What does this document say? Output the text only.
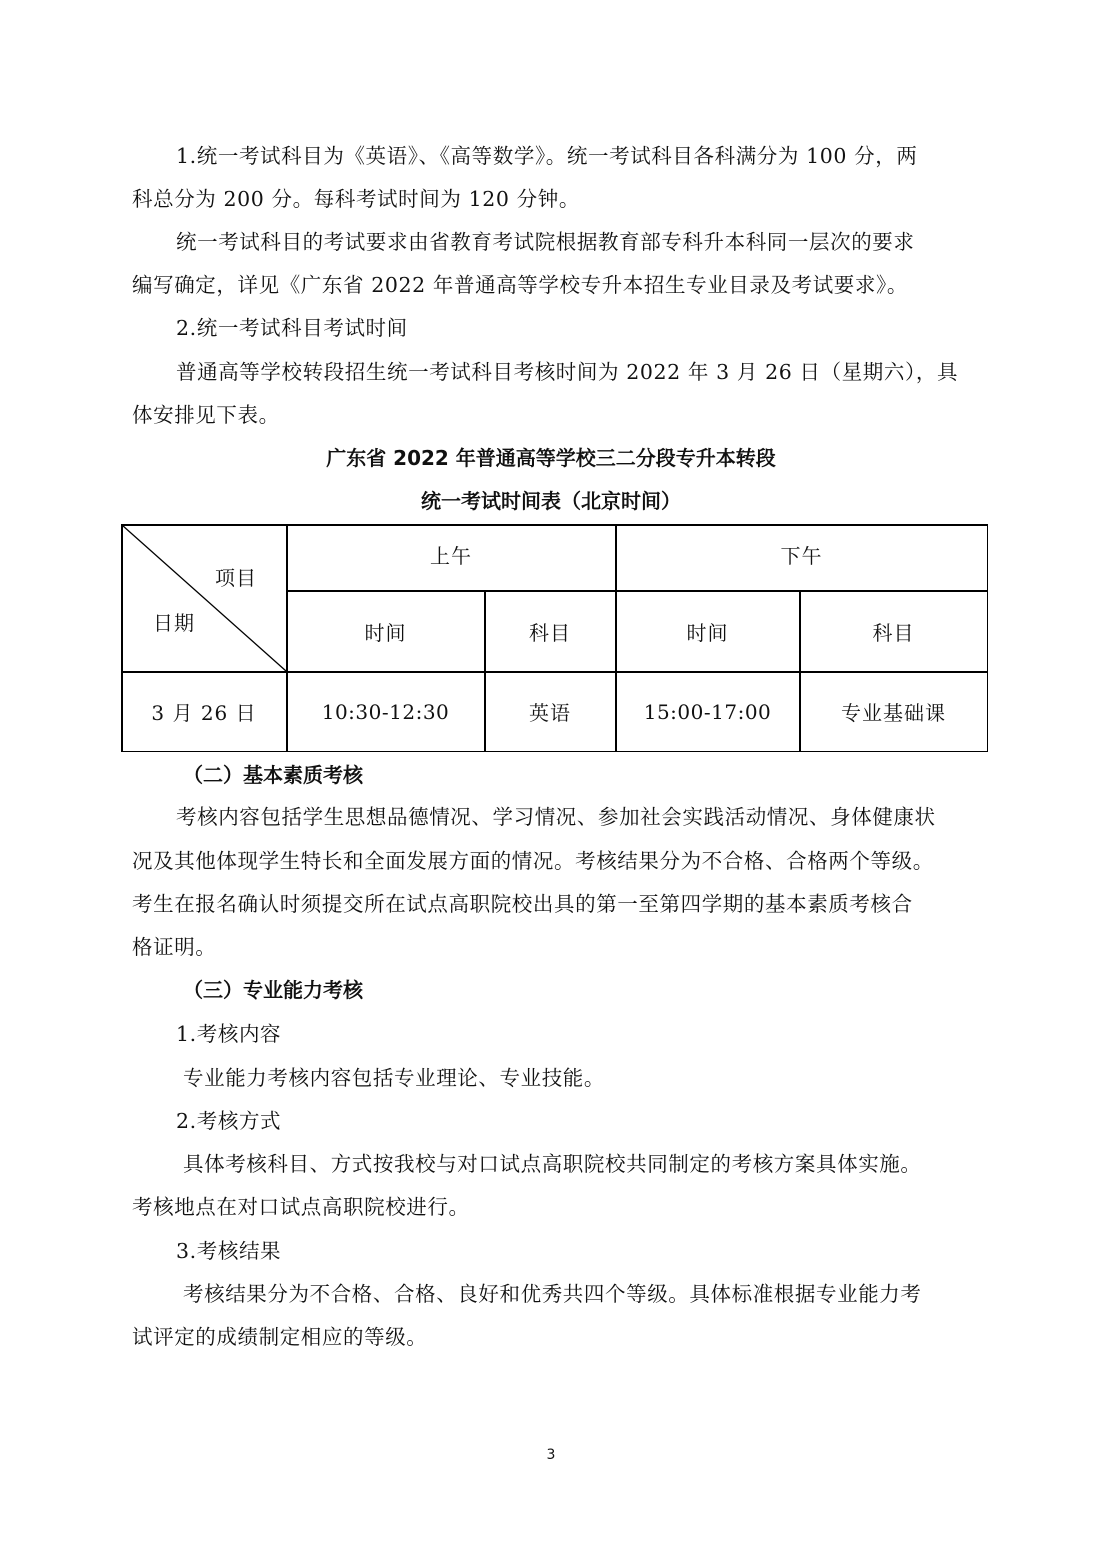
1.统一考试科目为《英语》、《高等数学》。统一考试科目各科满分为 100 分，两
科总分为 200 分。每科考试时间为 120 分钟。
统一考试科目的考试要求由省教育考试院根据教育部专科升本科同一层次的要求
编写确定，详见《广东省 2022 年普通高等学校专升本招生专业目录及考试要求》。
2.统一考试科目考试时间
普通高等学校转段招生统一考试科目考核时间为 2022 年 3 月 26 日（星期六），具
体安排见下表。
广东省 2022 年普通高等学校三二分段专升本转段
统一考试时间表（北京时间）
项目
日期
上午	下午
时间	科目	时间	科目
3 月 26 日	10:30-12:30	英语	15:00-17:00	专业基础课
（二）基本素质考核
考核内容包括学生思想品德情况、学习情况、参加社会实践活动情况、身体健康状
况及其他体现学生特长和全面发展方面的情况。考核结果分为不合格、合格两个等级。
考生在报名确认时须提交所在试点高职院校出具的第一至第四学期的基本素质考核合
格证明。
（三）专业能力考核
1.考核内容
专业能力考核内容包括专业理论、专业技能。
2.考核方式
具体考核科目、方式按我校与对口试点高职院校共同制定的考核方案具体实施。
考核地点在对口试点高职院校进行。
3.考核结果
考核结果分为不合格、合格、良好和优秀共四个等级。具体标准根据专业能力考
试评定的成绩制定相应的等级。
3
